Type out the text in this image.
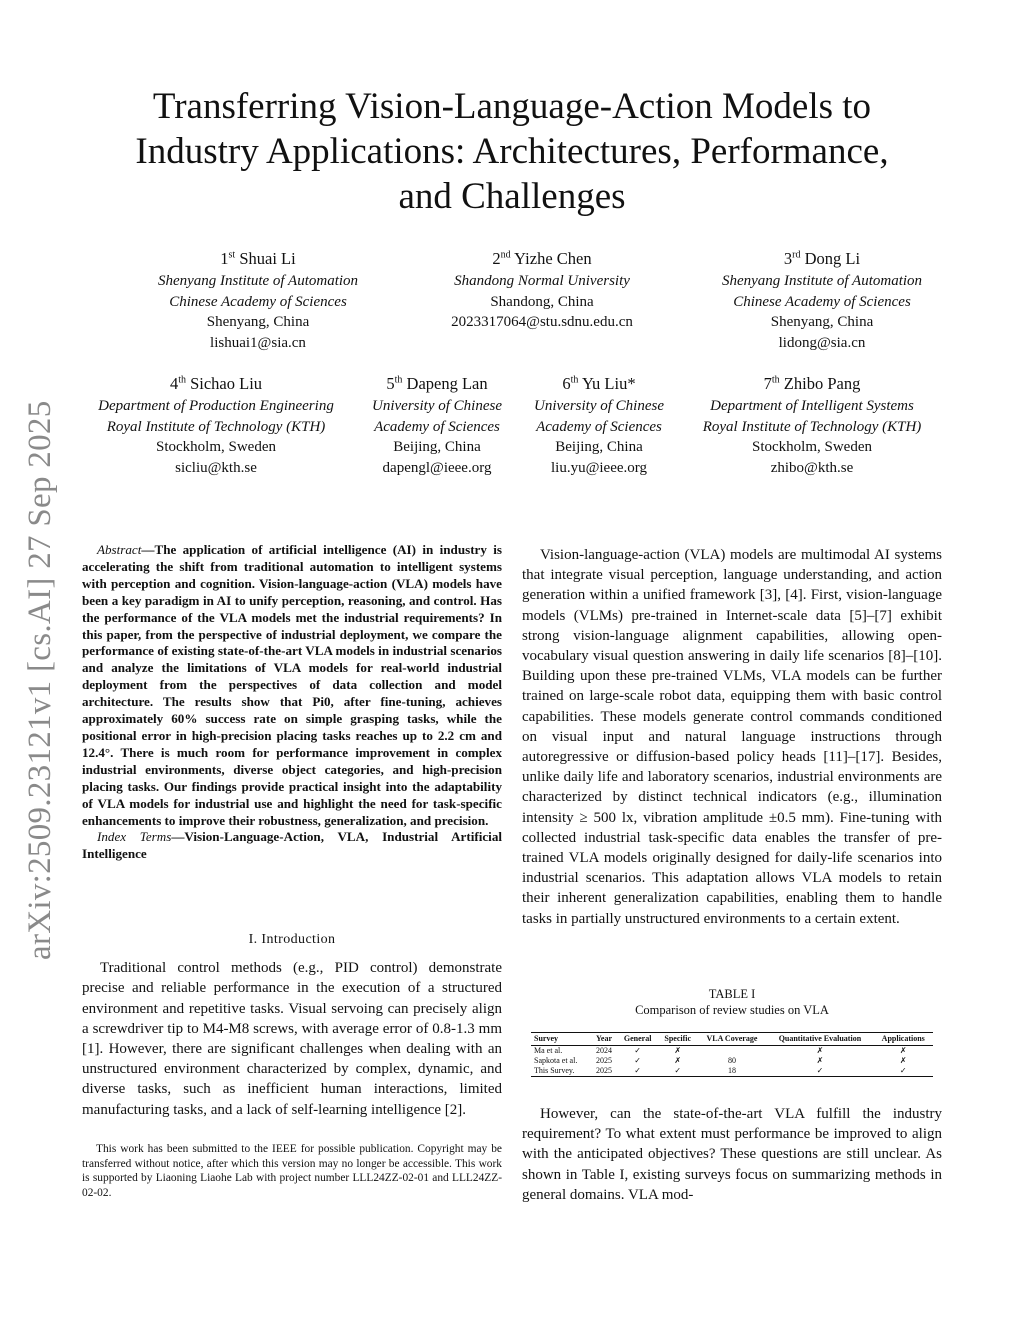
arXiv:2509.23121v1 [cs.AI] 27 Sep 2025
Transferring Vision-Language-Action Models to
Industry Applications: Architectures, Performance,
and Challenges
1st Shuai Li
Shenyang Institute of Automation
Chinese Academy of Sciences
Shenyang, China
lishuai1@sia.cn
2nd Yizhe Chen
Shandong Normal University
Shandong, China
2023317064@stu.sdnu.edu.cn
3rd Dong Li
Shenyang Institute of Automation
Chinese Academy of Sciences
Shenyang, China
lidong@sia.cn
4th Sichao Liu
Department of Production Engineering
Royal Institute of Technology (KTH)
Stockholm, Sweden
sicliu@kth.se
5th Dapeng Lan
University of Chinese
Academy of Sciences
Beijing, China
dapengl@ieee.org
6th Yu Liu*
University of Chinese
Academy of Sciences
Beijing, China
liu.yu@ieee.org
7th Zhibo Pang
Department of Intelligent Systems
Royal Institute of Technology (KTH)
Stockholm, Sweden
zhibo@kth.se

Abstract—The application of artificial intelligence (AI) in industry is accelerating the shift from traditional automation to intelligent systems with perception and cognition. Vision-language-action (VLA) models have been a key paradigm in AI to unify perception, reasoning, and control. Has the performance of the VLA models met the industrial requirements? In this paper, from the perspective of industrial deployment, we compare the performance of existing state-of-the-art VLA models in industrial scenarios and analyze the limitations of VLA models for real-world industrial deployment from the perspectives of data collection and model architecture. The results show that Pi0, after fine-tuning, achieves approximately 60% success rate on simple grasping tasks, while the positional error in high-precision placing tasks reaches up to 2.2 cm and 12.4°. There is much room for performance improvement in complex industrial environments, diverse object categories, and high-precision placing tasks. Our findings provide practical insight into the adaptability of VLA models for industrial use and highlight the need for task-specific enhancements to improve their robustness, generalization, and precision.

Index Terms—Vision-Language-Action, VLA, Industrial Artificial Intelligence

I. Introduction

Traditional control methods (e.g., PID control) demonstrate precise and reliable performance in the execution of a structured environment and repetitive tasks. Visual servoing can precisely align a screwdriver tip to M4-M8 screws, with average error of 0.8-1.3 mm [1]. However, there are significant challenges when dealing with an unstructured environment characterized by complex, dynamic, and diverse tasks, such as inefficient human interactions, limited manufacturing tasks, and a lack of self-learning intelligence [2].

This work has been submitted to the IEEE for possible publication. Copyright may be transferred without notice, after which this version may no longer be accessible. This work is supported by Liaoning Liaohe Lab with project number LLL24ZZ-02-01 and LLL24ZZ-02-02.

Vision-language-action (VLA) models are multimodal AI systems that integrate visual perception, language understanding, and action generation within a unified framework [3], [4]. First, vision-language models (VLMs) pre-trained in Internet-scale data [5]–[7] exhibit strong vision-language alignment capabilities, allowing open-vocabulary visual question answering in daily life scenarios [8]–[10]. Building upon these pre-trained VLMs, VLA models can be further trained on large-scale robot data, equipping them with basic control capabilities. These models generate control commands conditioned on visual input and natural language instructions through autoregressive or diffusion-based policy heads [11]–[17]. Besides, unlike daily life and laboratory scenarios, industrial environments are characterized by distinct technical indicators (e.g., illumination intensity ≥ 500 lx, vibration amplitude ±0.5 mm). Fine-tuning with collected industrial task-specific data enables the transfer of pre-trained VLA models originally designed for daily-life scenarios into industrial scenarios. This adaptation allows VLA models to retain their inherent generalization capabilities, enabling them to handle tasks in partially unstructured environments to a certain extent.

TABLE I
Comparison of review studies on VLA
Survey	Year	General	Specific	VLA Coverage	Quantitative Evaluation	Applications
Ma et al.	2024	✓	✗		✗	✗
Sapkota et al.	2025	✓	✗	80	✗	✗
This Survey.	2025	✓	✓	18	✓	✓

However, can the state-of-the-art VLA fulfill the industry requirement? To what extent must performance be improved to align with the anticipated objectives? These questions are still unclear. As shown in Table I, existing surveys focus on summarizing methods in general domains. VLA mod-
